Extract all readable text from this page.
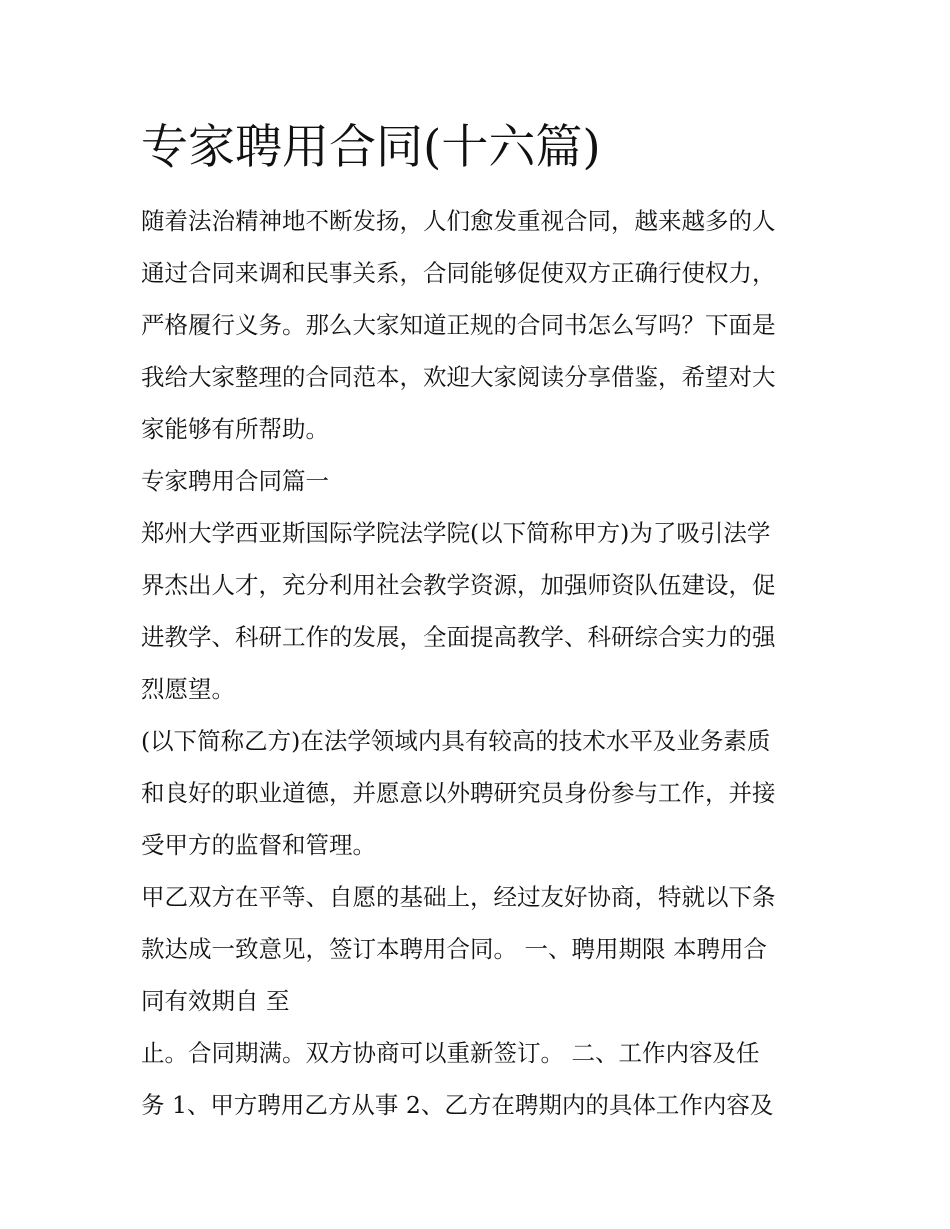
专家聘用合同(十六篇)

随着法治精神地不断发扬，人们愈发重视合同，越来越多的人
通过合同来调和民事关系，合同能够促使双方正确行使权力，
严格履行义务。那么大家知道正规的合同书怎么写吗？下面是
我给大家整理的合同范本，欢迎大家阅读分享借鉴，希望对大
家能够有所帮助。

专家聘用合同篇一

郑州大学西亚斯国际学院法学院(以下简称甲方)为了吸引法学
界杰出人才，充分利用社会教学资源，加强师资队伍建设，促
进教学、科研工作的发展，全面提高教学、科研综合实力的强
烈愿望。

(以下简称乙方)在法学领域内具有较高的技术水平及业务素质
和良好的职业道德，并愿意以外聘研究员身份参与工作，并接
受甲方的监督和管理。

甲乙双方在平等、自愿的基础上，经过友好协商，特就以下条
款达成一致意见，签订本聘用合同。 一、聘用期限 本聘用合
同有效期自 至

止。合同期满。双方协商可以重新签订。 二、工作内容及任
务 1、甲方聘用乙方从事 2、乙方在聘期内的具体工作内容及
